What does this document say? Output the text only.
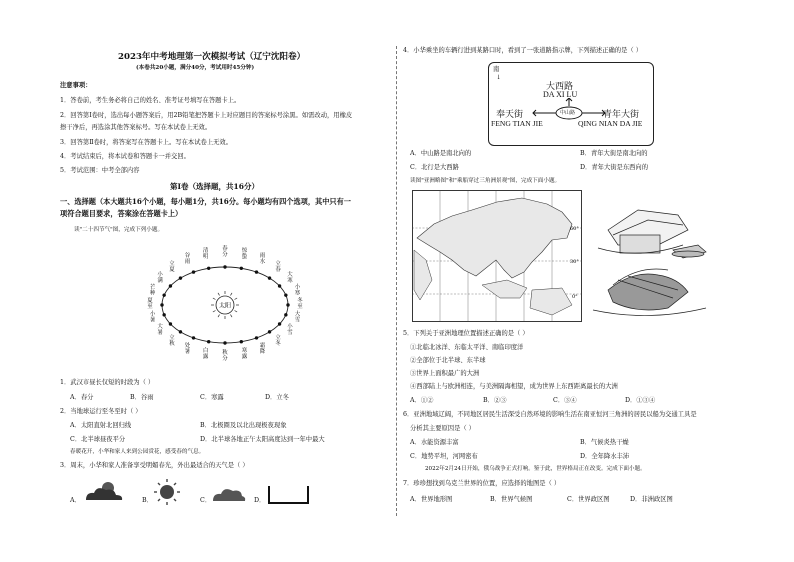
2023年中考地理第一次模拟考试（辽宁沈阳卷）
(本卷共20小题，满分40分，考试用时45分钟)
注意事项：
1．答卷前，考生务必将自己的姓名、准考证号填写在答题卡上。
2．回答第Ⅰ卷时，选出每小题答案后，用2B铅笔把答题卡上对应题目的答案标号涂黑。如需改动，用橡皮
擦干净后，再选涂其他答案标号。写在本试卷上无效。
3．回答第Ⅱ卷时，将答案写在答题卡上。写在本试卷上无效。
4．考试结束后，将本试卷和答题卡一并交回。
5．考试范围：中考全部内容
第Ⅰ卷（选择题，共16分）
一、选择题（本大题共16个小题，每小题1分，共16分。每小题均有四个选项，其中只有一
项符合题目要求，答案涂在答题卡上）
读"二十四节气"图，完成下列小题。
太阳
春分
清明
谷雨
立夏
小满
芒种
夏至
小暑
大暑
立秋 处暑 白露
秋分
寒露
霜降
立冬
小雪
大雪
冬至
小寒
大寒
立春
雨水
惊蛰
1．武汉市昼长仅短的时段为（ ）
A．春分	B．谷雨	C．寒露	D．立冬
2．当地球运行至冬至时（ ）
A．太阳直射北回归线	B．北极圈及以北出现极夜现象
C．北半球昼夜平分	D．北半球各地正午太阳高度达到一年中最大
春暖花开，小华和家人来到公园赏花，感受春的气息。
3．周末，小华和家人准备享受明媚春光，外出最适合的天气是（ ）
A．	B．	C．	D．
4．小华乘坐的车辆行进到某路口时，看到了一张道路指示牌，下列描述正确的是（ ）
南
↓
大西路
DA XI LU
中山路
奉天街
FENG TIAN JIE
青年大街
QING NIAN DA JIE
A．中山路是南北向的	B．青年大街是南北向的
C．北行是大西路	D．青年大街是东西向的
读图"亚洲略图"和"乘船穿过三角洲景观"图，完成下面小题。
60°
30°
0°
5．下列关于亚洲地理位置描述正确的是（ ）
①北临北冰洋、东临太平洋、南临印度洋
②全部位于北半球、东半球
③世界上面积最广的大洲
④西部陆上与欧洲相连，与美洲隔海相望，成为世界上东西距离最长的大洲
A．①②	B．②③	C．③④	D．①③④
6．亚洲地域辽阔，不同地区居民生活深受自然环境的影响生活在南亚恒河三角洲的居民以船为交通工具是
分析其主要原因是（ ）
A．水能资源丰富	B．气候炎热干燥
C．地势平坦，河网密布	D．全年降水丰沛
2022年2月24日开始，俄乌战争正式打响。鉴于此，世界格局正在改变。完成下面小题。
7．珍珍想找到乌克兰世界的位置，应选择的地图是（ ）
A．世界地形图	B．世界气候图	C．世界政区图	D．非洲政区图
